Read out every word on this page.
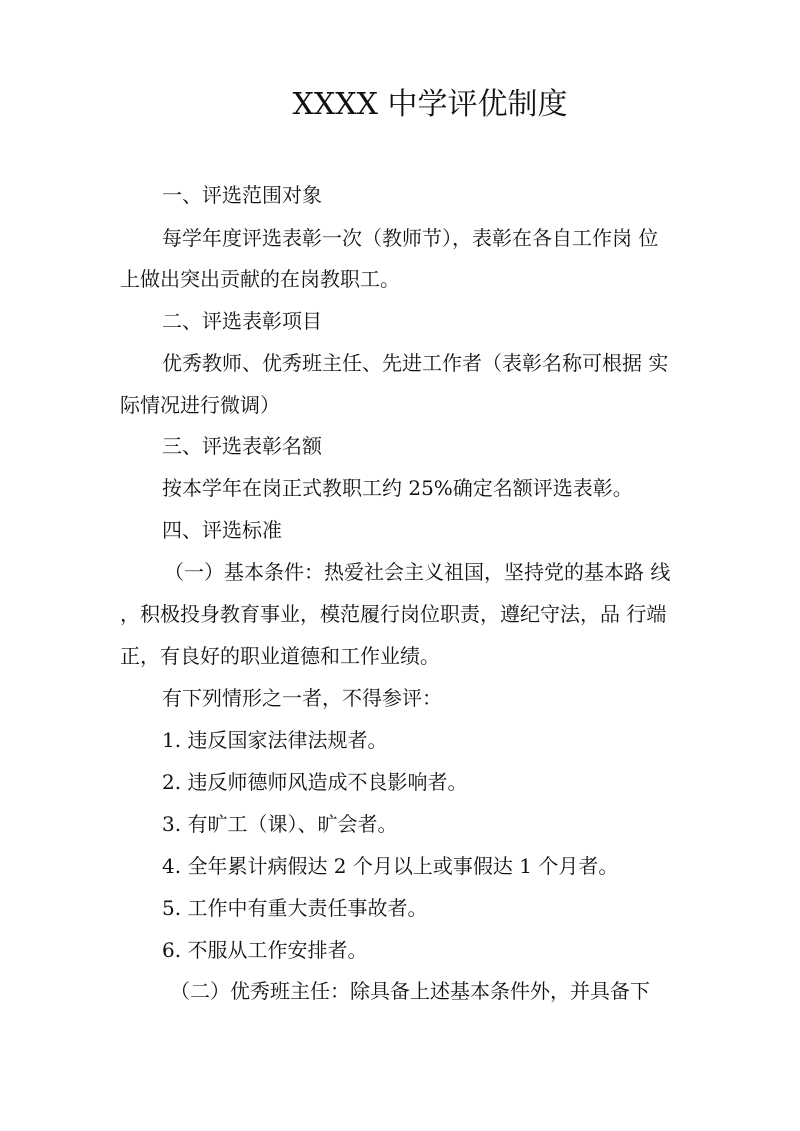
XXXX 中学评优制度
一、评选范围对象
每学年度评选表彰一次（教师节），表彰在各自工作岗 位
上做出突出贡献的在岗教职工。
二、评选表彰项目
优秀教师、优秀班主任、先进工作者（表彰名称可根据 实
际情况进行微调）
三、评选表彰名额
按本学年在岗正式教职工约 25%确定名额评选表彰。
四、评选标准
（一）基本条件：热爱社会主义祖国，坚持党的基本路 线
，积极投身教育事业，模范履行岗位职责，遵纪守法，品 行端
正，有良好的职业道德和工作业绩。
有下列情形之一者，不得参评：
1. 违反国家法律法规者。
2. 违反师德师风造成不良影响者。
3. 有旷工（课）、旷会者。
4. 全年累计病假达 2 个月以上或事假达 1 个月者。
5. 工作中有重大责任事故者。
6. 不服从工作安排者。
（二）优秀班主任：除具备上述基本条件外，并具备下
